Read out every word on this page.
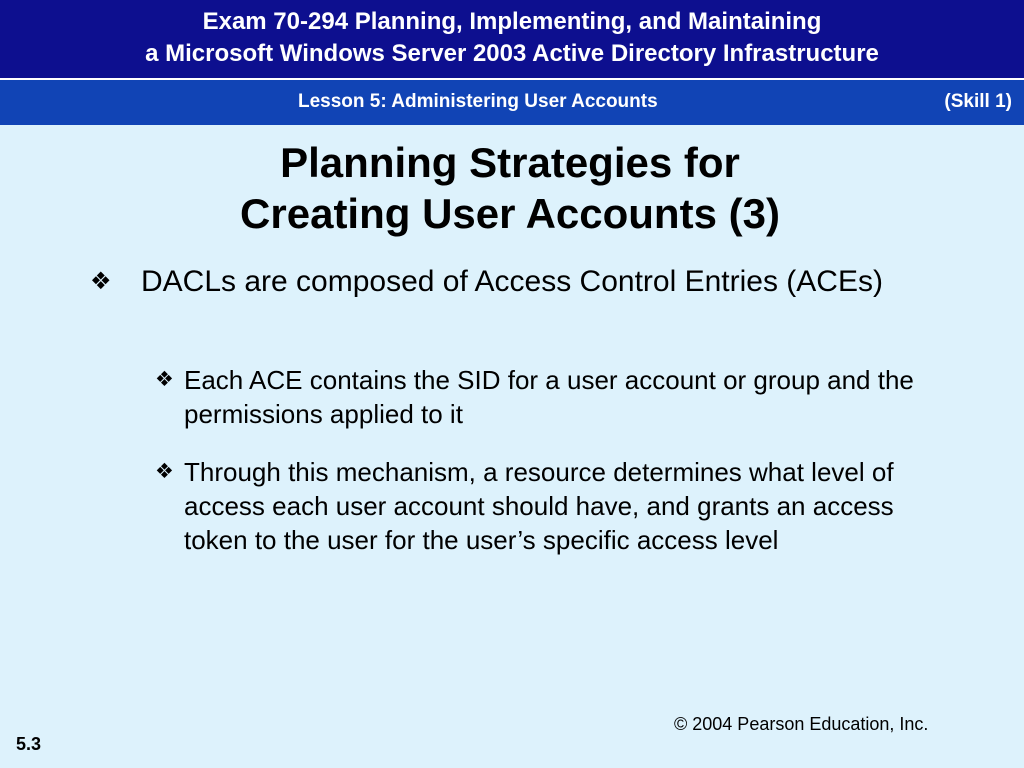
Exam 70-294 Planning, Implementing, and Maintaining
a Microsoft Windows Server 2003 Active Directory Infrastructure
Lesson 5: Administering User Accounts	(Skill 1)
Planning Strategies for
Creating User Accounts (3)
❖ DACLs are composed of Access Control Entries (ACEs)
❖ Each ACE contains the SID for a user account or group and the permissions applied to it
❖ Through this mechanism, a resource determines what level of access each user account should have, and grants an access token to the user for the user’s specific access level
© 2004 Pearson Education, Inc.
5.3
